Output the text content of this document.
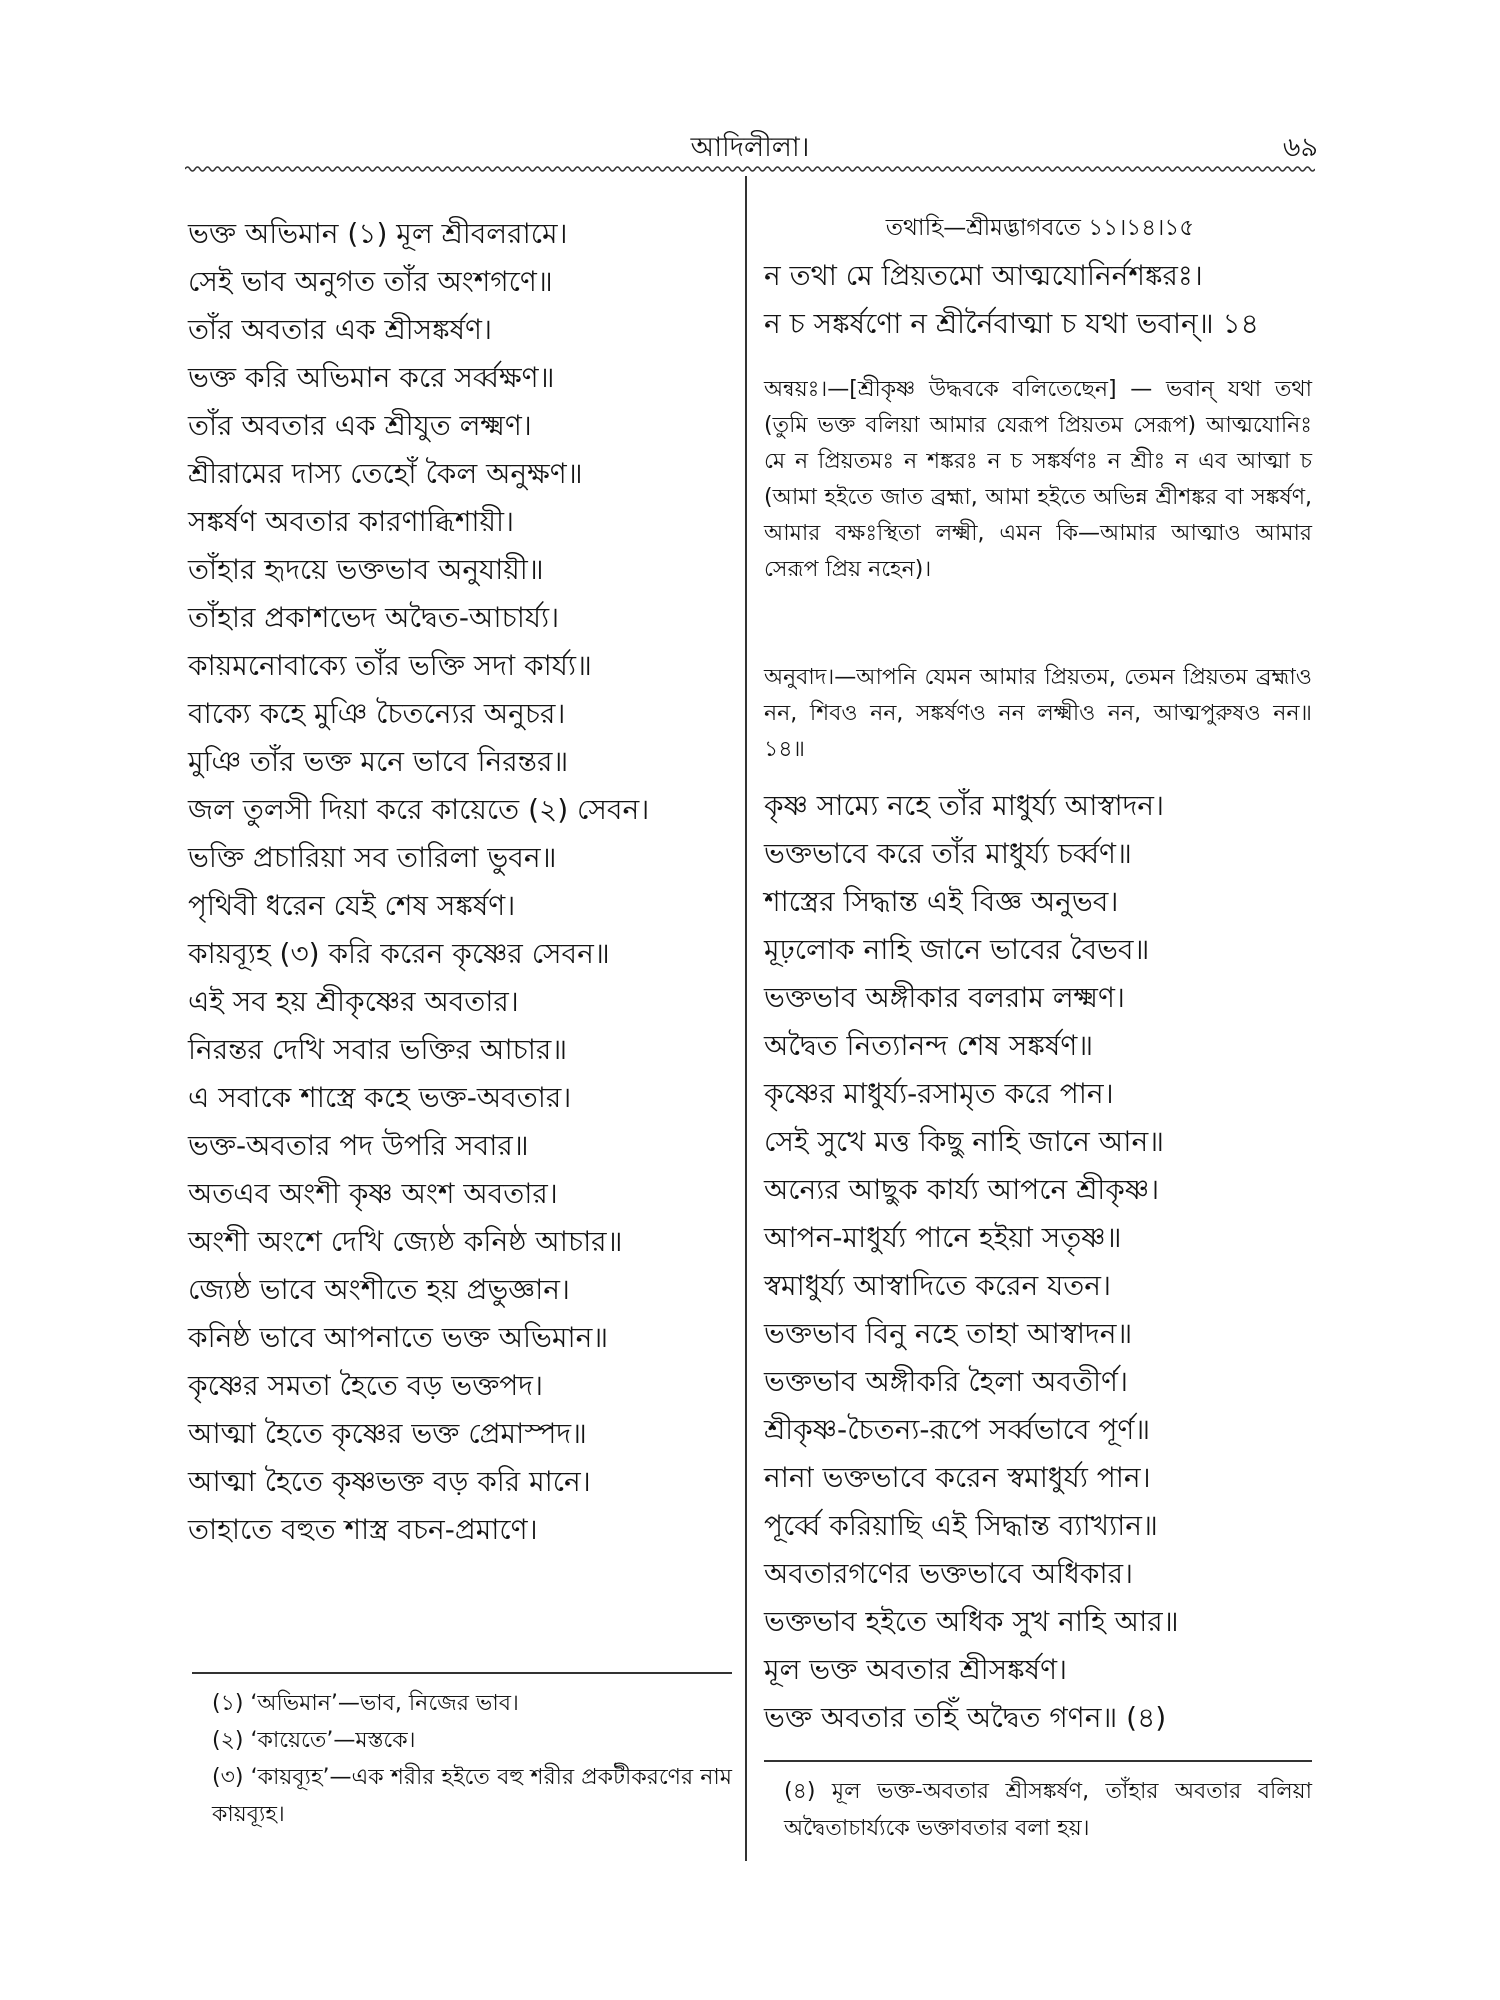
আদিলীলা।	৬৯
ভক্ত অভিমান (১) মূল শ্রীবলরামে।
সেই ভাব অনুগত তাঁর অংশগণে॥
তাঁর অবতার এক শ্রীসঙ্কর্ষণ।
ভক্ত করি অভিমান করে সর্ব্বক্ষণ॥
তাঁর অবতার এক শ্রীযুত লক্ষ্মণ।
শ্রীরামের দাস্য তেহোঁ কৈল অনুক্ষণ॥
সঙ্কর্ষণ অবতার কারণাব্ধিশায়ী।
তাঁহার হৃদয়ে ভক্তভাব অনুযায়ী॥
তাঁহার প্রকাশভেদ অদ্বৈত-আচার্য্য।
কায়মনোবাক্যে তাঁর ভক্তি সদা কার্য্য॥
বাক্যে কহে মুঞি চৈতন্যের অনুচর।
মুঞি তাঁর ভক্ত মনে ভাবে নিরন্তর॥
জল তুলসী দিয়া করে কায়েতে (২) সেবন।
ভক্তি প্রচারিয়া সব তারিলা ভুবন॥
পৃথিবী ধরেন যেই শেষ সঙ্কর্ষণ।
কায়ব্যূহ (৩) করি করেন কৃষ্ণের সেবন॥
এই সব হয় শ্রীকৃষ্ণের অবতার।
নিরন্তর দেখি সবার ভক্তির আচার॥
এ সবাকে শাস্ত্রে কহে ভক্ত-অবতার।
ভক্ত-অবতার পদ উপরি সবার॥
অতএব অংশী কৃষ্ণ অংশ অবতার।
অংশী অংশে দেখি জ্যেষ্ঠ কনিষ্ঠ আচার॥
জ্যেষ্ঠ ভাবে অংশীতে হয় প্রভুজ্ঞান।
কনিষ্ঠ ভাবে আপনাতে ভক্ত অভিমান॥
কৃষ্ণের সমতা হৈতে বড় ভক্তপদ।
আত্মা হৈতে কৃষ্ণের ভক্ত প্রেমাস্পদ॥
আত্মা হৈতে কৃষ্ণভক্ত বড় করি মানে।
তাহাতে বহুত শাস্ত্র বচন-প্রমাণে।
তথাহি—শ্রীমদ্ভাগবতে ১১।১৪।১৫
ন তথা মে প্রিয়তমো আত্মযোনির্নশঙ্করঃ।
ন চ সঙ্কর্ষণো ন শ্রীর্নৈবাত্মা চ যথা ভবান্॥ ১৪
অন্বয়ঃ।—[শ্রীকৃষ্ণ উদ্ধবকে বলিতেছেন] — ভবান্ যথা তথা (তুমি ভক্ত বলিয়া আমার যেরূপ প্রিয়তম সেরূপ) আত্মযোনিঃ মে ন প্রিয়তমঃ ন শঙ্করঃ ন চ সঙ্কর্ষণঃ ন শ্রীঃ ন এব আত্মা চ (আমা হইতে জাত ব্রহ্মা, আমা হইতে অভিন্ন শ্রীশঙ্কর বা সঙ্কর্ষণ, আমার বক্ষঃস্থিতা লক্ষ্মী, এমন কি—আমার আত্মাও আমার সেরূপ প্রিয় নহেন)।
অনুবাদ।—আপনি যেমন আমার প্রিয়তম, তেমন প্রিয়তম ব্রহ্মাও নন, শিবও নন, সঙ্কর্ষণও নন লক্ষ্মীও নন, আত্মপুরুষও নন॥ ১৪॥
কৃষ্ণ সাম্যে নহে তাঁর মাধুর্য্য আস্বাদন।
ভক্তভাবে করে তাঁর মাধুর্য্য চর্ব্বণ॥
শাস্ত্রের সিদ্ধান্ত এই বিজ্ঞ অনুভব।
মূঢ়লোক নাহি জানে ভাবের বৈভব॥
ভক্তভাব অঙ্গীকার বলরাম লক্ষ্মণ।
অদ্বৈত নিত্যানন্দ শেষ সঙ্কর্ষণ॥
কৃষ্ণের মাধুর্য্য-রসামৃত করে পান।
সেই সুখে মত্ত কিছু নাহি জানে আন॥
অন্যের আছুক কার্য্য আপনে শ্রীকৃষ্ণ।
আপন-মাধুর্য্য পানে হইয়া সতৃষ্ণ॥
স্বমাধুর্য্য আস্বাদিতে করেন যতন।
ভক্তভাব বিনু নহে তাহা আস্বাদন॥
ভক্তভাব অঙ্গীকরি হৈলা অবতীর্ণ।
শ্রীকৃষ্ণ-চৈতন্য-রূপে সর্ব্বভাবে পূর্ণ॥
নানা ভক্তভাবে করেন স্বমাধুর্য্য পান।
পূর্ব্বে করিয়াছি এই সিদ্ধান্ত ব্যাখ্যান॥
অবতারগণের ভক্তভাবে অধিকার।
ভক্তভাব হইতে অধিক সুখ নাহি আর॥
মূল ভক্ত অবতার শ্রীসঙ্কর্ষণ।
ভক্ত অবতার তহিঁ অদ্বৈত গণন॥ (৪)
(১) ‘অভিমান’—ভাব, নিজের ভাব।
(২) ‘কায়েতে’—মস্তকে।
(৩) ‘কায়ব্যূহ’—এক শরীর হইতে বহু শরীর প্রকটীকরণের নাম কায়ব্যূহ।
(৪) মূল ভক্ত-অবতার শ্রীসঙ্কর্ষণ, তাঁহার অবতার বলিয়া অদ্বৈতাচার্য্যকে ভক্তাবতার বলা হয়।
